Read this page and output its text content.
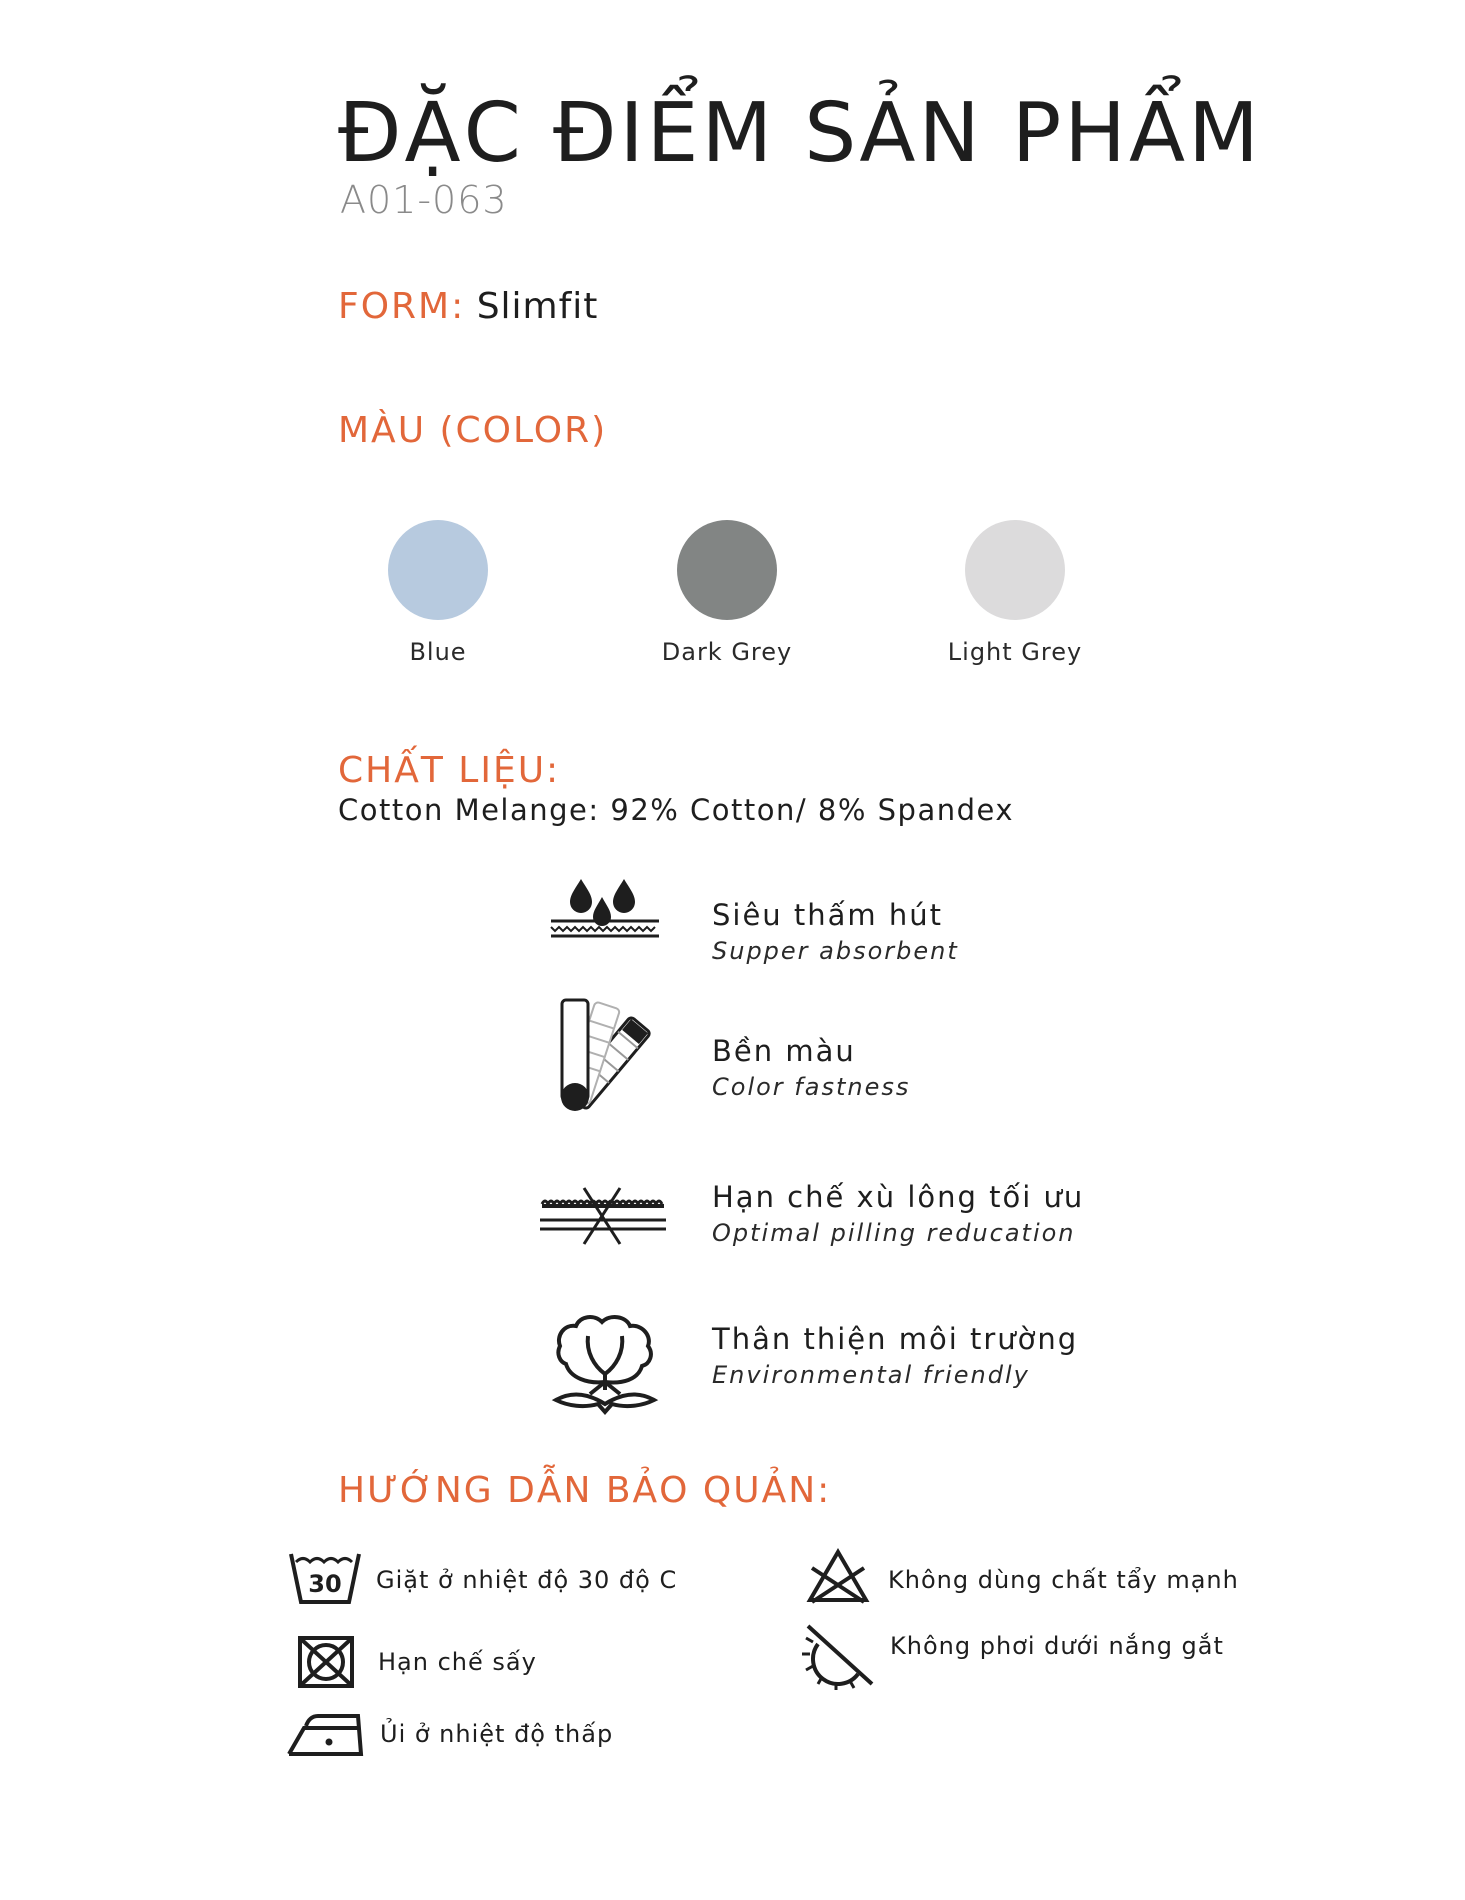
ĐẶC ĐIỂM SẢN PHẨM
A01-063
FORM: Slimfit
MÀU (COLOR)
Blue	Dark Grey	Light Grey
CHẤT LIỆU:
Cotton Melange: 92% Cotton/ 8% Spandex
Siêu thấm hút
Supper absorbent
Bền màu
Color fastness
Hạn chế xù lông tối ưu
Optimal pilling reducation
Thân thiện môi trường
Environmental friendly
HƯỚNG DẪN BẢO QUẢN:
30 Giặt ở nhiệt độ 30 độ C	Không dùng chất tẩy mạnh
Hạn chế sấy
Không phơi dưới nắng gắt
Ủi ở nhiệt độ thấp
